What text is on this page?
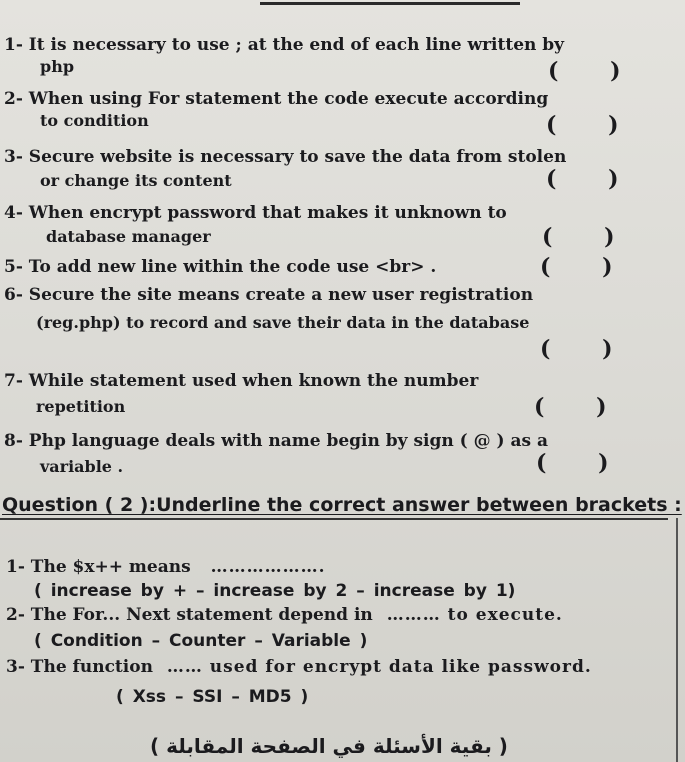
1- It is necessary to use ; at the end of each line written by
php	( )
2- When using For statement the code execute according
to condition	( )
3- Secure website is necessary to save the data from stolen
or change its content	( )
4- When encrypt password that makes it unknown to
database manager	( )
5- To add new line within the code use <br> .	( )
6- Secure the site means create a new user registration
(reg.php) to record and save their data in the database
( )
7- While statement used when known the number
repetition	( )
8- Php language deals with name begin by sign ( @ ) as a
variable .	( )
Question ( 2 ):Underline the correct answer between brackets :
1- The $x++ means ……………….
( increase by + – increase by 2 – increase by 1)
2- The For... Next statement depend in ……… to execute.
( Condition – Counter – Variable )
3- The function …… used for encrypt data like password.
( Xss – SSI – MD5 )
( بقية الأسئلة في الصفحة المقابلة )
